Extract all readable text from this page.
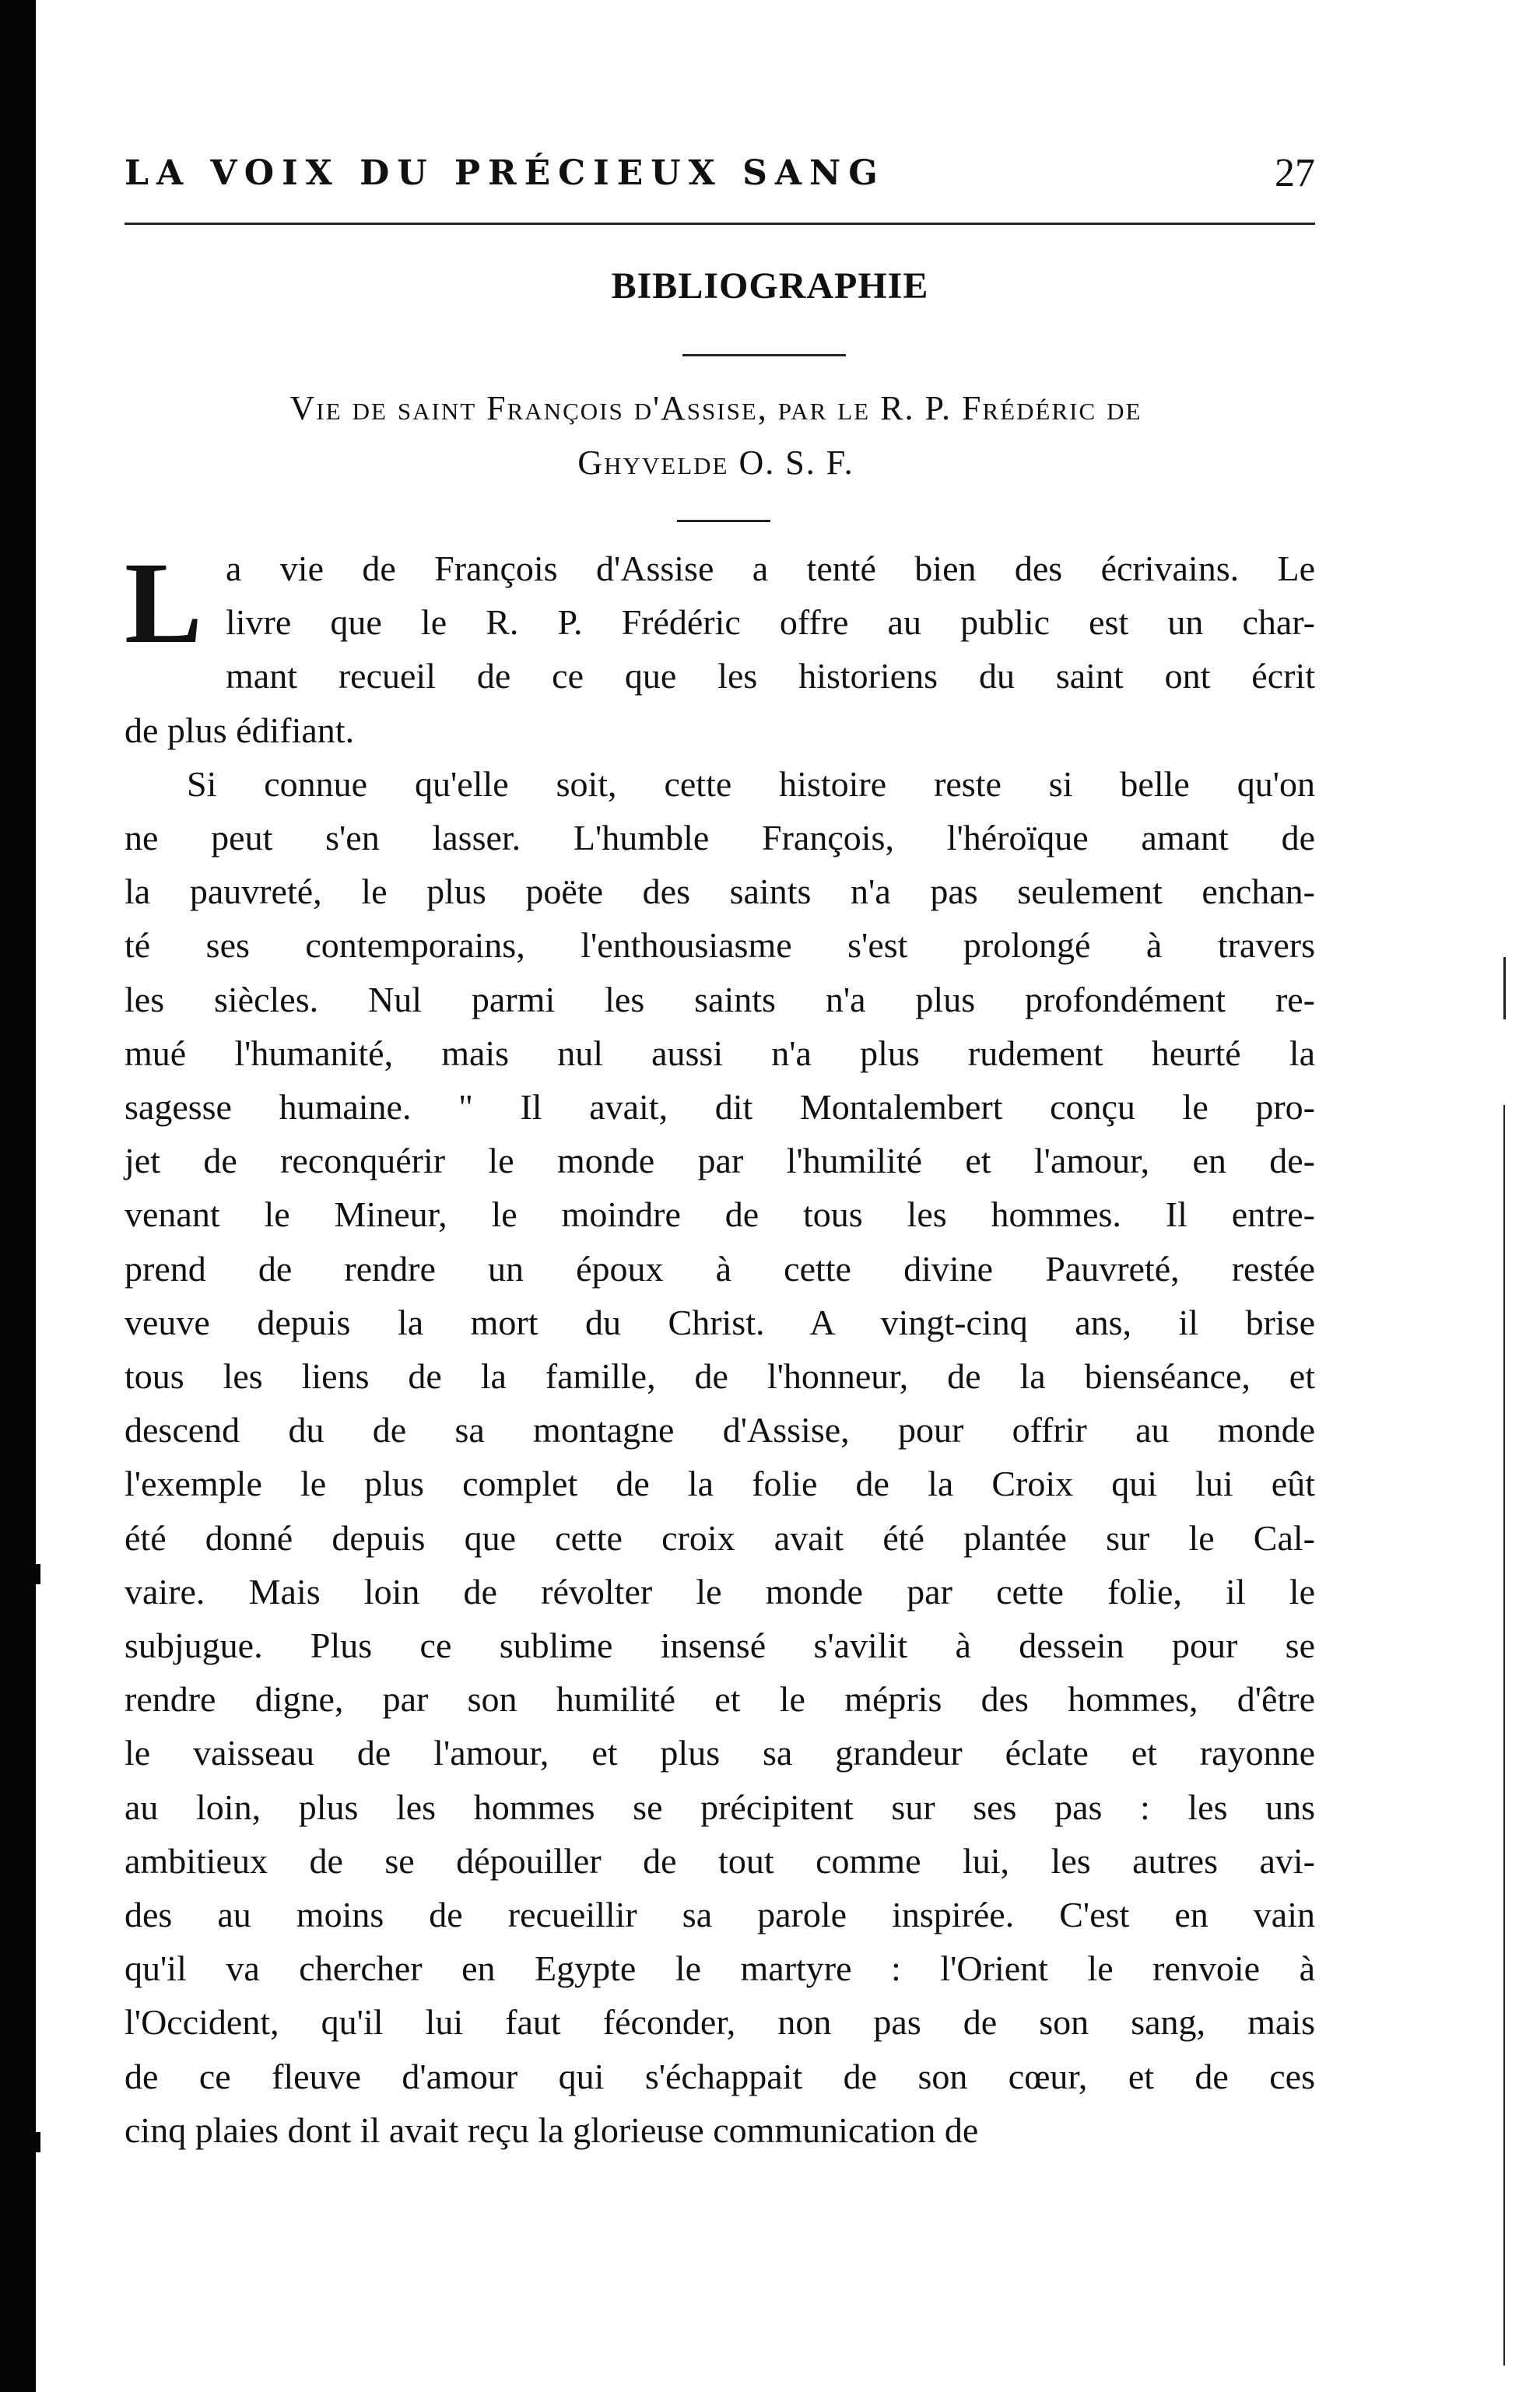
LA VOIX DU PRÉCIEUX SANG	27
BIBLIOGRAPHIE
Vie de saint François d'Assise, par le R. P. Frédéric de
Ghyvelde O. S. F.
L a vie de François d'Assise a tenté bien des écrivains. Le
livre que le R. P. Frédéric offre au public est un char-
mant recueil de ce que les historiens du saint ont écrit
de plus édifiant.
Si connue qu'elle soit, cette histoire reste si belle qu'on
ne peut s'en lasser. L'humble François, l'héroïque amant de
la pauvreté, le plus poëte des saints n'a pas seulement enchan-
té ses contemporains, l'enthousiasme s'est prolongé à travers
les siècles. Nul parmi les saints n'a plus profondément re-
mué l'humanité, mais nul aussi n'a plus rudement heurté la
sagesse humaine. " Il avait, dit Montalembert conçu le pro-
jet de reconquérir le monde par l'humilité et l'amour, en de-
venant le Mineur, le moindre de tous les hommes. Il entre-
prend de rendre un époux à cette divine Pauvreté, restée
veuve depuis la mort du Christ. A vingt-cinq ans, il brise
tous les liens de la famille, de l'honneur, de la bienséance, et
descend du de sa montagne d'Assise, pour offrir au monde
l'exemple le plus complet de la folie de la Croix qui lui eût
été donné depuis que cette croix avait été plantée sur le Cal-
vaire. Mais loin de révolter le monde par cette folie, il le
subjugue. Plus ce sublime insensé s'avilit à dessein pour se
rendre digne, par son humilité et le mépris des hommes, d'être
le vaisseau de l'amour, et plus sa grandeur éclate et rayonne
au loin, plus les hommes se précipitent sur ses pas : les uns
ambitieux de se dépouiller de tout comme lui, les autres avi-
des au moins de recueillir sa parole inspirée. C'est en vain
qu'il va chercher en Egypte le martyre : l'Orient le renvoie à
l'Occident, qu'il lui faut féconder, non pas de son sang, mais
de ce fleuve d'amour qui s'échappait de son cœur, et de ces
cinq plaies dont il avait reçu la glorieuse communication de
